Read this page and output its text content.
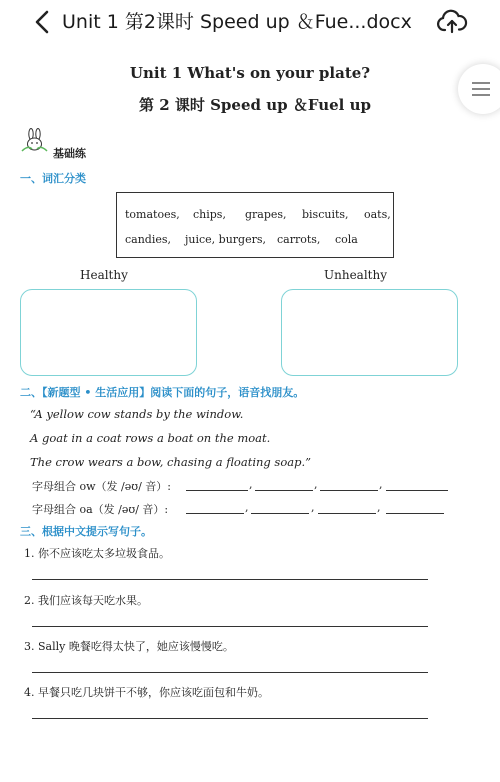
Unit 1 第2课时 Speed up ＆Fue...docx
Unit 1 What's on your plate?
第 2 课时 Speed up ＆Fuel up
基础练
一、词汇分类
tomatoes, chips, grapes, biscuits, oats,
candies, juice, burgers, carrots, cola
Healthy	Unhealthy
二、【新题型 • 生活应用】阅读下面的句子，语音找朋友。
“A yellow cow stands by the window.
A goat in a coat rows a boat on the moat.
The crow wears a bow, chasing a floating soap.”
字母组合 ow（发 /əʊ/ 音）:	,	,	,
字母组合 oa（发 /əʊ/ 音）:	,	,	,
三、根据中文提示写句子。
1. 你不应该吃太多垃圾食品。
2. 我们应该每天吃水果。
3. Sally 晚餐吃得太快了，她应该慢慢吃。
4. 早餐只吃几块饼干不够，你应该吃面包和牛奶。
